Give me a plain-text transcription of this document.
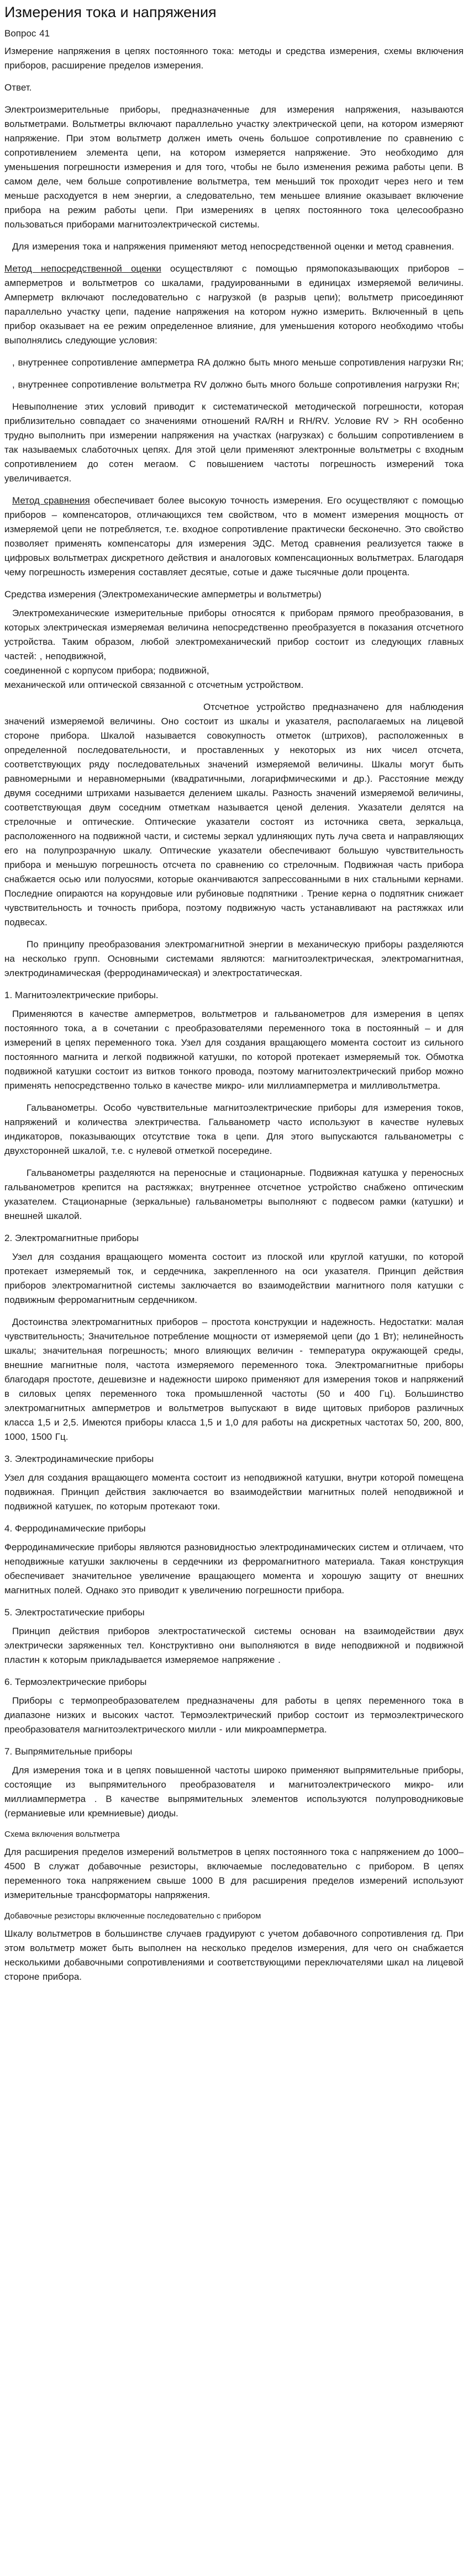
Измерения тока и напряжения

Вопрос 41

Измерение напряжения в цепях постоянного тока: методы и средства измерения, схемы включения приборов, расширение пределов измерения.

Ответ.

Электроизмерительные приборы, предназначенные для измерения напряжения, называются вольтметрами. Вольтметры включают параллельно участку электрической цепи, на котором измеряют напряжение. При этом вольтметр должен иметь очень большое сопротивление по сравнению с сопротивлением элемента цепи, на котором измеряется напряжение. Это необходимо для уменьшения погрешности измерения и для того, чтобы не было изменения режима работы цепи. В самом деле, чем больше сопротивление вольтметра, тем меньший ток проходит через него и тем меньше расходуется в нем энергии, а следовательно, тем меньшее влияние оказывает включение прибора на режим работы цепи. При измерениях в цепях постоянного тока целесообразно пользоваться приборами магнитоэлектрической системы.

Для измерения тока и напряжения применяют метод непосредственной оценки и метод сравнения.

Метод непосредственной оценки осуществляют с помощью прямопоказывающих приборов – амперметров и вольтметров со шкалами, градуированными в единицах измеряемой величины. Амперметр включают последовательно с нагрузкой (в разрыв цепи); вольтметр присоединяют параллельно участку цепи, падение напряжения на котором нужно измерить. Включенный в цепь прибор оказывает на ее режим определенное влияние, для уменьшения которого необходимо чтобы выполнялись следующие условия:

, внутреннее сопротивление амперметра RA должно быть много меньше сопротивления нагрузки Rн;

, внутреннее сопротивление вольтметра RV должно быть много больше сопротивления нагрузки Rн;

Невыполнение этих условий приводит к систематической методической погрешности, которая приблизительно совпадает со значениями отношений RA/RН и RН/RV. Условие RV > RН особенно трудно выполнить при измерении напряжения на участках (нагрузках) с большим сопротивлением в так называемых слаботочных цепях. Для этой цели применяют электронные вольтметры с входным сопротивлением до сотен мегаом. С повышением частоты погрешность измерений тока увеличивается.

Метод сравнения обеспечивает более высокую точность измерения. Его осуществляют с помощью приборов – компенсаторов, отличающихся тем свойством, что в момент измерения мощность от измеряемой цепи не потребляется, т.е. входное сопротивление практически бесконечно. Это свойство позволяет применять компенсаторы для измерения ЭДС. Метод сравнения реализуется также в цифровых вольтметрах дискретного действия и аналоговых компенсационных вольтметрах. Благодаря чему погрешность измерения составляет десятые, сотые и даже тысячные доли процента.

Средства измерения (Электромеханические амперметры и вольтметры)

Электромеханические измерительные приборы относятся к приборам прямого преобразования, в которых электрическая измеряемая величина непосредственно преобразуется в показания отсчетного устройства. Таким образом, любой электромеханический прибор состоит из следующих главных частей: , неподвижной,

соединенной с корпусом прибора; подвижной,

механической или оптической связанной с отсчетным устройством.

Отсчетное устройство предназначено для наблюдения значений измеряемой величины. Оно состоит из шкалы и указателя, располагаемых на лицевой стороне прибора. Шкалой называется совокупность отметок (штрихов), расположенных в определенной последовательности, и проставленных у некоторых из них чисел отсчета, соответствующих ряду последовательных значений измеряемой величины. Шкалы могут быть равномерными и неравномерными (квадратичными, логарифмическими и др.). Расстояние между двумя соседними штрихами называется делением шкалы. Разность значений измеряемой величины, соответствующая двум соседним отметкам называется ценой деления. Указатели делятся на стрелочные и оптические. Оптические указатели состоят из источника света, зеркальца, расположенного на подвижной части, и системы зеркал удлиняющих путь луча света и направляющих его на полупрозрачную шкалу. Оптические указатели обеспечивают большую чувствительность прибора и меньшую погрешность отсчета по сравнению со стрелочным. Подвижная часть прибора снабжается осью или полуосями, которые оканчиваются запрессованными в них стальными кернами. Последние опираются на корундовые или рубиновые подпятники . Трение керна о подпятник снижает чувствительность и точность прибора, поэтому подвижную часть устанавливают на растяжках или подвесах.

По принципу преобразования электромагнитной энергии в механическую приборы разделяются на несколько групп. Основными системами являются: магнитоэлектрическая, электромагнитная, электродинамическая (ферродинамическая) и электростатическая.

1. Магнитоэлектрические приборы.

Применяются в качестве амперметров, вольтметров и гальванометров для измерения в цепях постоянного тока, а в сочетании с преобразователями переменного тока в постоянный – и для измерений в цепях переменного тока. Узел для создания вращающего момента состоит из сильного постоянного магнита и легкой подвижной катушки, по которой протекает измеряемый ток. Обмотка подвижной катушки состоит из витков тонкого провода, поэтому магнитоэлектрический прибор можно применять непосредственно только в качестве микро- или миллиамперметра и милливольтметра.

Гальванометры. Особо чувствительные магнитоэлектрические приборы для измерения токов, напряжений и количества электричества. Гальванометр часто используют в качестве нулевых индикаторов, показывающих отсутствие тока в цепи. Для этого выпускаются гальванометры с двухсторонней шкалой, т.е. с нулевой отметкой посередине.

Гальванометры разделяются на переносные и стационарные. Подвижная катушка у переносных гальванометров крепится на растяжках; внутреннее отсчетное устройство снабжено оптическим указателем. Стационарные (зеркальные) гальванометры выполняют с подвесом рамки (катушки) и внешней шкалой.

2. Электромагнитные приборы

Узел для создания вращающего момента состоит из плоской или круглой катушки, по которой протекает измеряемый ток, и сердечника, закрепленного на оси указателя. Принцип действия приборов электромагнитной системы заключается во взаимодействии магнитного поля катушки с подвижным ферромагнитным сердечником.

Достоинства электромагнитных приборов – простота конструкции и надежность. Недостатки: малая чувствительность; Значительное потребление мощности от измеряемой цепи (до 1 Вт); нелинейность шкалы; значительная погрешность; много влияющих величин - температура окружающей среды, внешние магнитные поля, частота измеряемого переменного тока. Электромагнитные приборы благодаря простоте, дешевизне и надежности широко применяют для измерения токов и напряжений в силовых цепях переменного тока промышленной частоты (50 и 400 Гц). Большинство электромагнитных амперметров и вольтметров выпускают в виде щитовых приборов различных класса 1,5 и 2,5. Имеются приборы класса 1,5 и 1,0 для работы на дискретных частотах 50, 200, 800, 1000, 1500 Гц.

3. Электродинамические приборы

Узел для создания вращающего момента состоит из неподвижной катушки, внутри которой помещена подвижная. Принцип действия заключается во взаимодействии магнитных полей неподвижной и подвижной катушек, по которым протекают токи.

4. Ферродинамические приборы

Ферродинамические приборы являются разновидностью электродинамических систем и отличаем, что неподвижные катушки заключены в сердечники из ферромагнитного материала. Такая конструкция обеспечивает значительное увеличение вращающего момента и хорошую защиту от внешних магнитных полей. Однако это приводит к увеличению погрешности прибора.

5. Электростатические приборы

Принцип действия приборов электростатической системы основан на взаимодействии двух электрически заряженных тел. Конструктивно они выполняются в виде неподвижной и подвижной пластин к которым прикладывается измеряемое напряжение .

6. Термоэлектрические приборы

Приборы с термопреобразователем предназначены для работы в цепях переменного тока в диапазоне низких и высоких частот. Термоэлектрический прибор состоит из термоэлектрического преобразователя магнитоэлектрического милли - или микроамперметра.

7. Выпрямительные приборы

Для измерения тока и в цепях повышенной частоты широко применяют выпрямительные приборы, состоящие из выпрямительного преобразователя и магнитоэлектрического микро- или миллиамперметра . В качестве выпрямительных элементов используются полупроводниковые (германиевые или кремниевые) диоды.

Схема включения вольтметра

Для расширения пределов измерений вольтметров в цепях постоянного тока с напряжением до 1000–4500 В служат добавочные резисторы, включаемые последовательно с прибором. В цепях переменного тока напряжением свыше 1000 В для расширения пределов измерений используют измерительные трансформаторы напряжения.

Добавочные резисторы включенные последовательно с прибором

Шкалу вольтметров в большинстве случаев градуируют с учетом добавочного сопротивления rд. При этом вольтметр может быть выполнен на несколько пределов измерения, для чего он снабжается несколькими добавочными сопротивлениями и соответствующими переключателями шкал на лицевой стороне прибора.
